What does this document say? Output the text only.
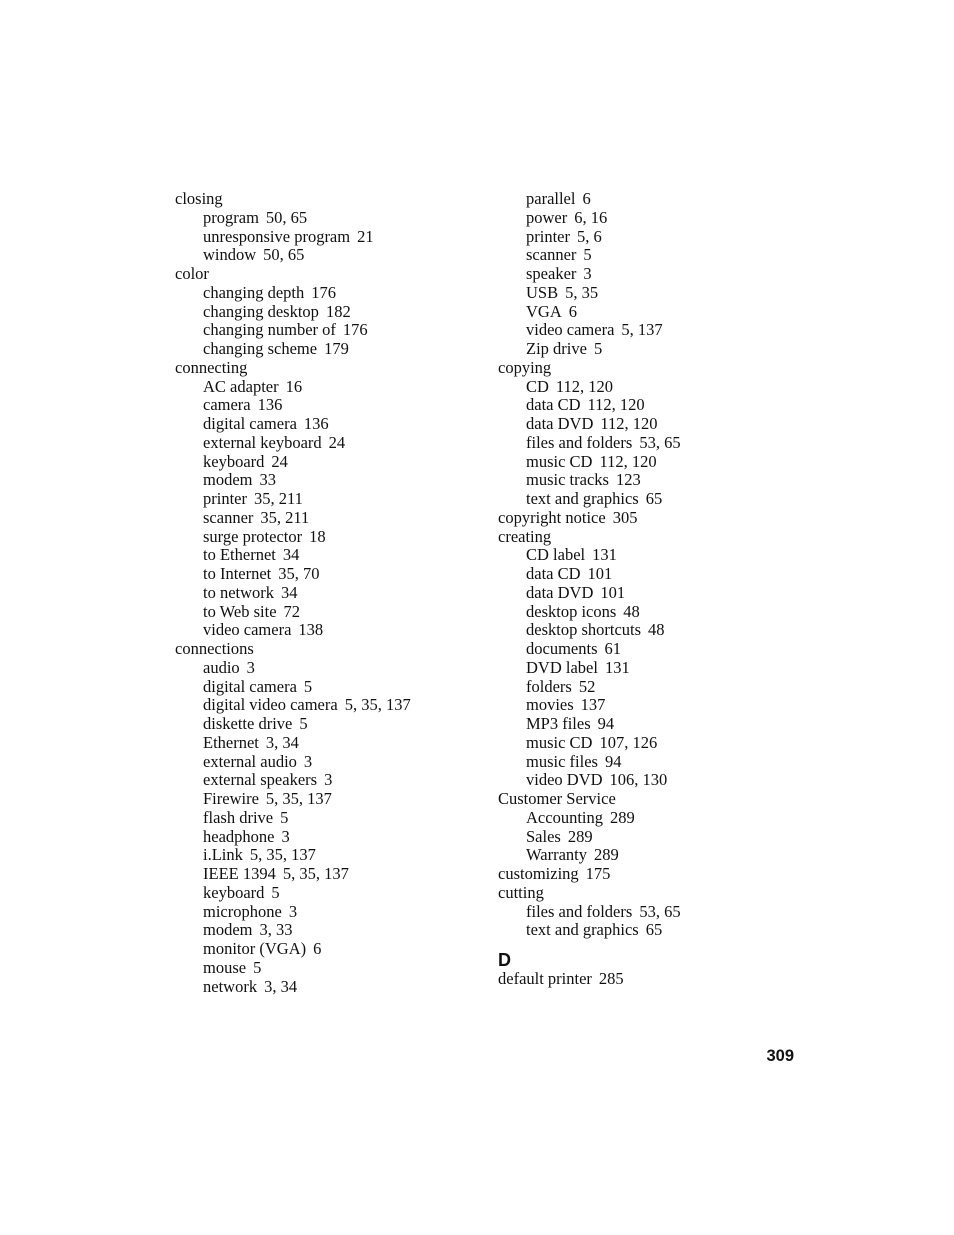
closing
program 50, 65
unresponsive program 21
window 50, 65
color
changing depth 176
changing desktop 182
changing number of 176
changing scheme 179
connecting
AC adapter 16
camera 136
digital camera 136
external keyboard 24
keyboard 24
modem 33
printer 35, 211
scanner 35, 211
surge protector 18
to Ethernet 34
to Internet 35, 70
to network 34
to Web site 72
video camera 138
connections
audio 3
digital camera 5
digital video camera 5, 35, 137
diskette drive 5
Ethernet 3, 34
external audio 3
external speakers 3
Firewire 5, 35, 137
flash drive 5
headphone 3
i.Link 5, 35, 137
IEEE 1394 5, 35, 137
keyboard 5
microphone 3
modem 3, 33
monitor (VGA) 6
mouse 5
network 3, 34
parallel 6
power 6, 16
printer 5, 6
scanner 5
speaker 3
USB 5, 35
VGA 6
video camera 5, 137
Zip drive 5
copying
CD 112, 120
data CD 112, 120
data DVD 112, 120
files and folders 53, 65
music CD 112, 120
music tracks 123
text and graphics 65
copyright notice 305
creating
CD label 131
data CD 101
data DVD 101
desktop icons 48
desktop shortcuts 48
documents 61
DVD label 131
folders 52
movies 137
MP3 files 94
music CD 107, 126
music files 94
video DVD 106, 130
Customer Service
Accounting 289
Sales 289
Warranty 289
customizing 175
cutting
files and folders 53, 65
text and graphics 65
D
default printer 285
309
